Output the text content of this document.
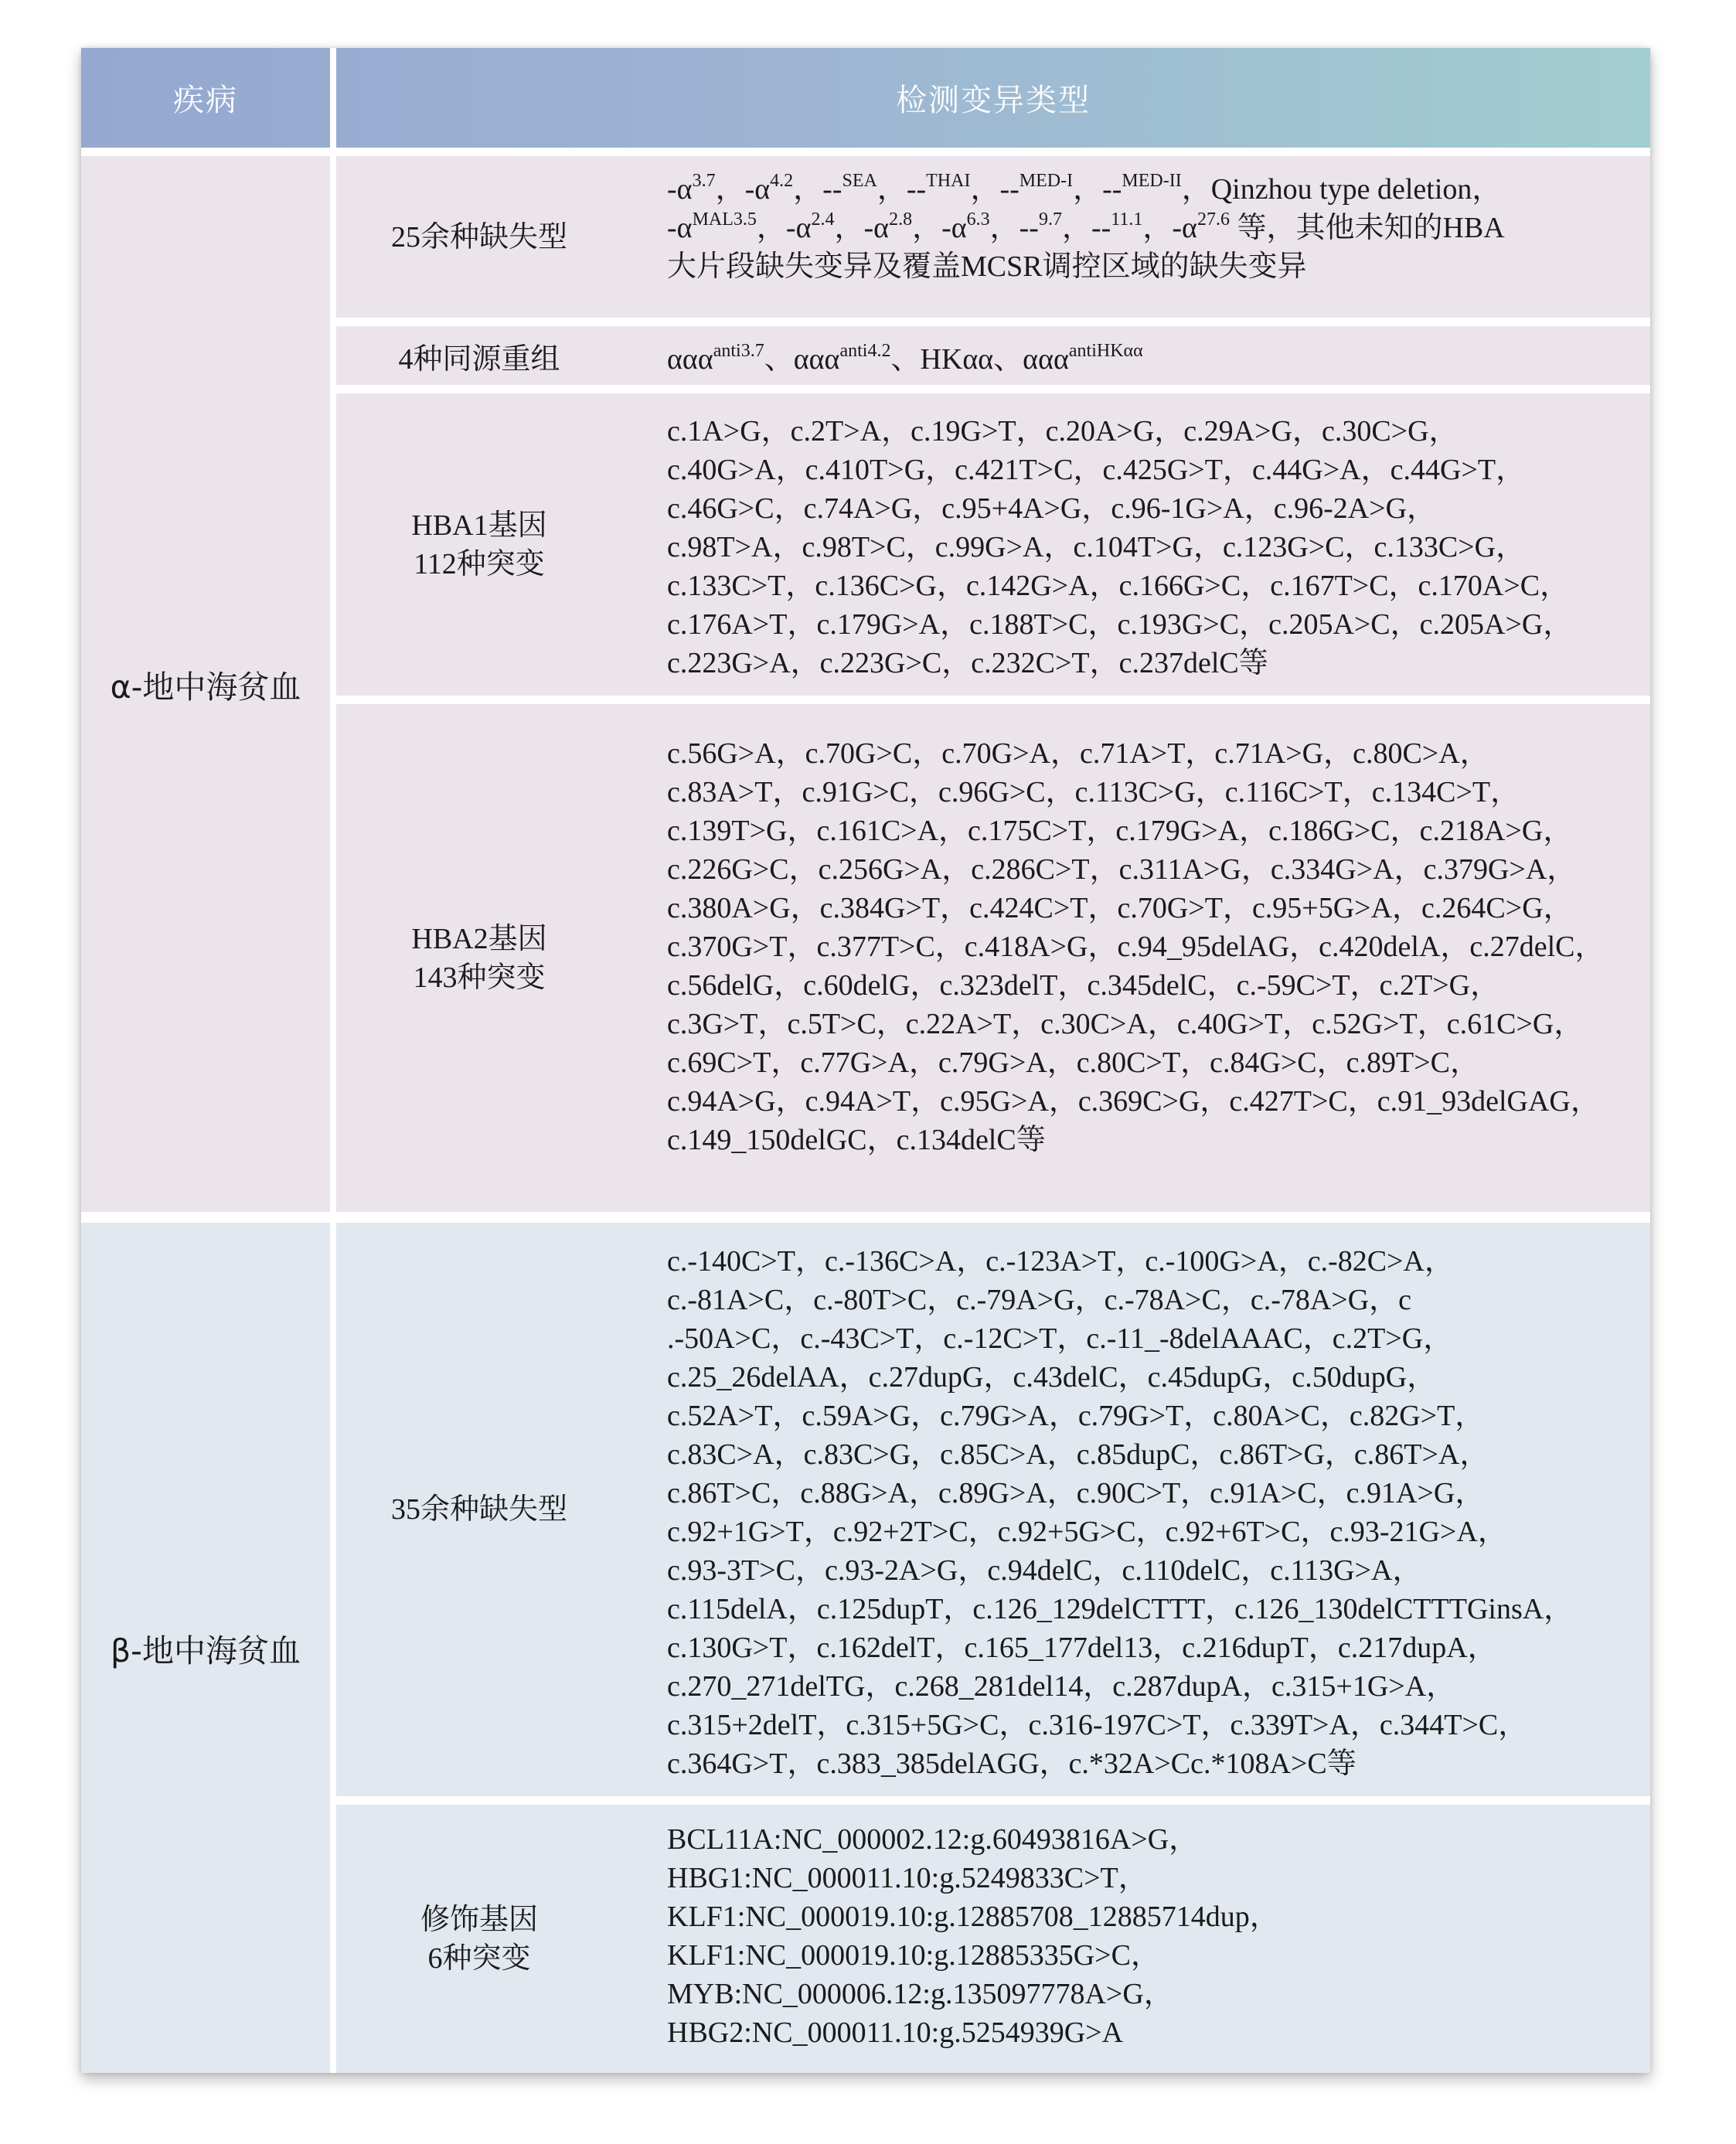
疾病	检测变异类型
α-地中海贫血
25余种缺失型
$-\alpha^{3.7}$，$-\alpha^{4.2}$，--$^{SEA}$，--$^{THAI}$，--$^{MED-I}$，--$^{MED-II}$，Qinzhou type deletion，
$-\alpha^{MAL3.5}$，$-\alpha^{2.4}$，$-\alpha^{2.8}$，$-\alpha^{6.3}$，--$^{9.7}$，--$^{11.1}$，$-\alpha^{27.6}$ 等，其他未知的HBA
大片段缺失变异及覆盖MCSR调控区域的缺失变异
4种同源重组	ααα$^{anti3.7}$、ααα$^{anti4.2}$、HKαα、ααα$^{antiHK\alpha\alpha}$
HBA1基因
112种突变
c.1A>G，c.2T>A，c.19G>T，c.20A>G，c.29A>G，c.30C>G，
c.40G>A，c.410T>G，c.421T>C，c.425G>T，c.44G>A，c.44G>T，
c.46G>C，c.74A>G，c.95+4A>G，c.96-1G>A，c.96-2A>G，
c.98T>A，c.98T>C，c.99G>A，c.104T>G，c.123G>C，c.133C>G，
c.133C>T，c.136C>G，c.142G>A，c.166G>C，c.167T>C，c.170A>C，
c.176A>T，c.179G>A，c.188T>C，c.193G>C，c.205A>C，c.205A>G，
c.223G>A，c.223G>C，c.232C>T，c.237delC等
HBA2基因
143种突变
c.56G>A，c.70G>C，c.70G>A，c.71A>T，c.71A>G，c.80C>A，
c.83A>T，c.91G>C，c.96G>C，c.113C>G，c.116C>T，c.134C>T，
c.139T>G，c.161C>A，c.175C>T，c.179G>A，c.186G>C，c.218A>G，
c.226G>C，c.256G>A，c.286C>T，c.311A>G，c.334G>A，c.379G>A，
c.380A>G，c.384G>T，c.424C>T，c.70G>T，c.95+5G>A，c.264C>G，
c.370G>T，c.377T>C，c.418A>G，c.94_95delAG，c.420delA，c.27delC，
c.56delG，c.60delG，c.323delT，c.345delC，c.-59C>T，c.2T>G，
c.3G>T，c.5T>C，c.22A>T，c.30C>A，c.40G>T，c.52G>T，c.61C>G，
c.69C>T，c.77G>A，c.79G>A，c.80C>T，c.84G>C，c.89T>C，
c.94A>G，c.94A>T，c.95G>A，c.369C>G，c.427T>C，c.91_93delGAG，
c.149_150delGC，c.134delC等
β-地中海贫血
35余种缺失型
c.-140C>T，c.-136C>A，c.-123A>T，c.-100G>A，c.-82C>A，
c.-81A>C，c.-80T>C，c.-79A>G，c.-78A>C，c.-78A>G，c
.-50A>C，c.-43C>T，c.-12C>T，c.-11_-8delAAAC，c.2T>G，
c.25_26delAA，c.27dupG，c.43delC，c.45dupG，c.50dupG，
c.52A>T，c.59A>G，c.79G>A，c.79G>T，c.80A>C，c.82G>T，
c.83C>A，c.83C>G，c.85C>A，c.85dupC，c.86T>G，c.86T>A，
c.86T>C，c.88G>A，c.89G>A，c.90C>T，c.91A>C，c.91A>G，
c.92+1G>T，c.92+2T>C，c.92+5G>C，c.92+6T>C，c.93-21G>A，
c.93-3T>C，c.93-2A>G，c.94delC，c.110delC，c.113G>A，
c.115delA，c.125dupT，c.126_129delCTTT，c.126_130delCTTTGinsA，
c.130G>T，c.162delT，c.165_177del13，c.216dupT，c.217dupA，
c.270_271delTG，c.268_281del14，c.287dupA，c.315+1G>A，
c.315+2delT，c.315+5G>C，c.316-197C>T，c.339T>A，c.344T>C，
c.364G>T，c.383_385delAGG，c.*32A>Cc.*108A>C等
修饰基因
6种突变
BCL11A:NC_000002.12:g.60493816A>G，
HBG1:NC_000011.10:g.5249833C>T，
KLF1:NC_000019.10:g.12885708_12885714dup，
KLF1:NC_000019.10:g.12885335G>C，
MYB:NC_000006.12:g.135097778A>G，
HBG2:NC_000011.10:g.5254939G>A
